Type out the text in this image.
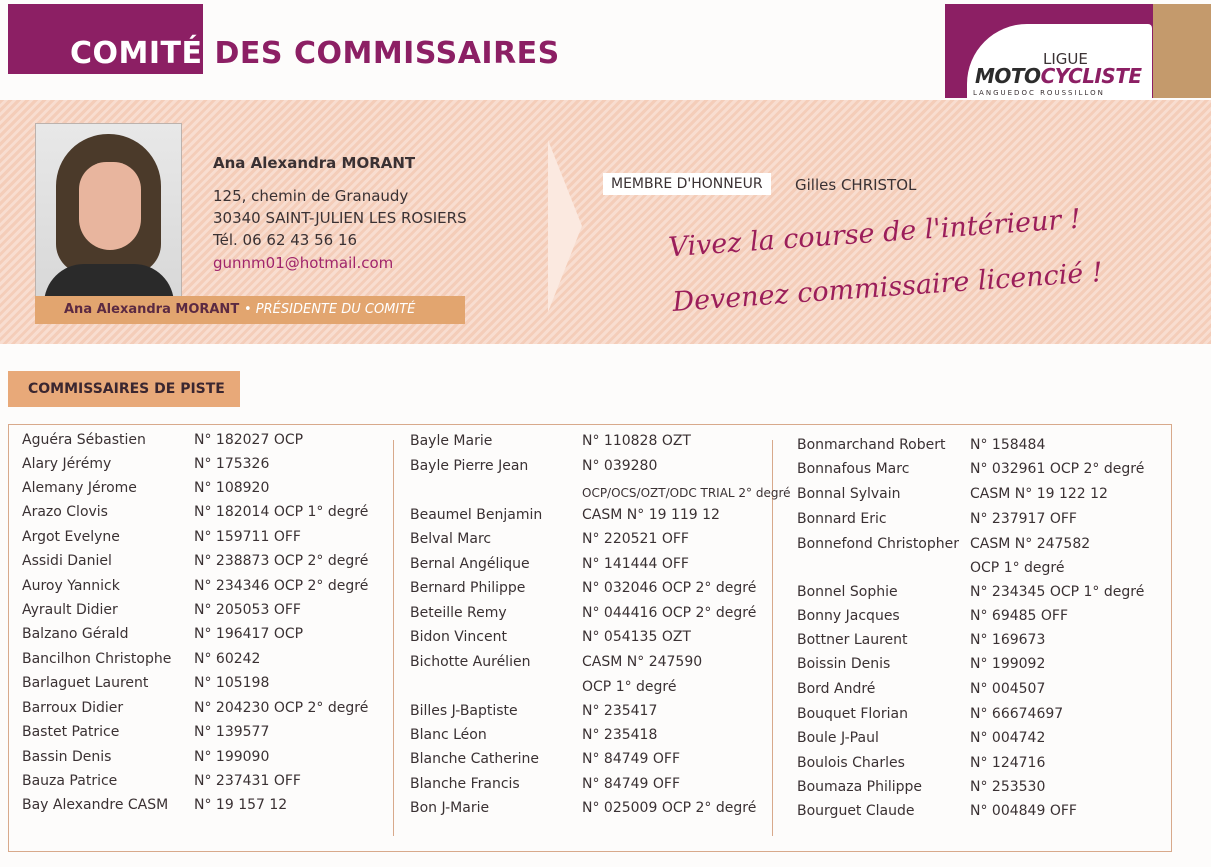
COMITÉ DES COMMISSAIRES	LIGUE
MOTOCYCLISTE
LANGUEDOC ROUSSILLON
Ana Alexandra MORANT • PRÉSIDENTE DU COMITÉ
Ana Alexandra MORANT
125, chemin de Granaudy
30340 SAINT-JULIEN LES ROSIERS
Tél. 06 62 43 56 16
gunnm01@hotmail.com
MEMBRE D'HONNEUR	Gilles CHRISTOL
Vivez la course de l'intérieur !
Devenez commissaire licencié !
COMMISSAIRES DE PISTE
Aguéra Sébastien	N° 182027 OCP
Alary Jérémy	N° 175326
Alemany Jérome	N° 108920
Arazo Clovis	N° 182014 OCP 1° degré
Argot Evelyne	N° 159711 OFF
Assidi Daniel	N° 238873 OCP 2° degré
Auroy Yannick	N° 234346 OCP 2° degré
Ayrault Didier	N° 205053 OFF
Balzano Gérald	N° 196417 OCP
Bancilhon Christophe N° 60242
Barlaguet Laurent	N° 105198
Barroux Didier	N° 204230 OCP 2° degré
Bastet Patrice	N° 139577
Bassin Denis	N° 199090
Bauza Patrice	N° 237431 OFF
Bay Alexandre CASM N° 19 157 12
Bayle Marie	N° 110828 OZT
Bayle Pierre Jean	N° 039280
OCP/OCS/OZT/ODC TRIAL 2° degré
Beaumel Benjamin	CASM N° 19 119 12
Belval Marc	N° 220521 OFF
Bernal Angélique	N° 141444 OFF
Bernard Philippe	N° 032046 OCP 2° degré
Beteille Remy	N° 044416 OCP 2° degré
Bidon Vincent	N° 054135 OZT
Bichotte Aurélien	CASM N° 247590
OCP 1° degré
Billes J-Baptiste	N° 235417
Blanc Léon	N° 235418
Blanche Catherine	N° 84749 OFF
Blanche Francis	N° 84749 OFF
Bon J-Marie	N° 025009 OCP 2° degré
Bonmarchand Robert N° 158484
Bonnafous Marc	N° 032961 OCP 2° degré
Bonnal Sylvain	CASM N° 19 122 12
Bonnard Eric	N° 237917 OFF
Bonnefond Christopher CASM N° 247582
OCP 1° degré
Bonnel Sophie	N° 234345 OCP 1° degré
Bonny Jacques	N° 69485 OFF
Bottner Laurent	N° 169673
Boissin Denis	N° 199092
Bord André	N° 004507
Bouquet Florian	N° 66674697
Boule J-Paul	N° 004742
Boulois Charles	N° 124716
Boumaza Philippe	N° 253530
Bourguet Claude	N° 004849 OFF
